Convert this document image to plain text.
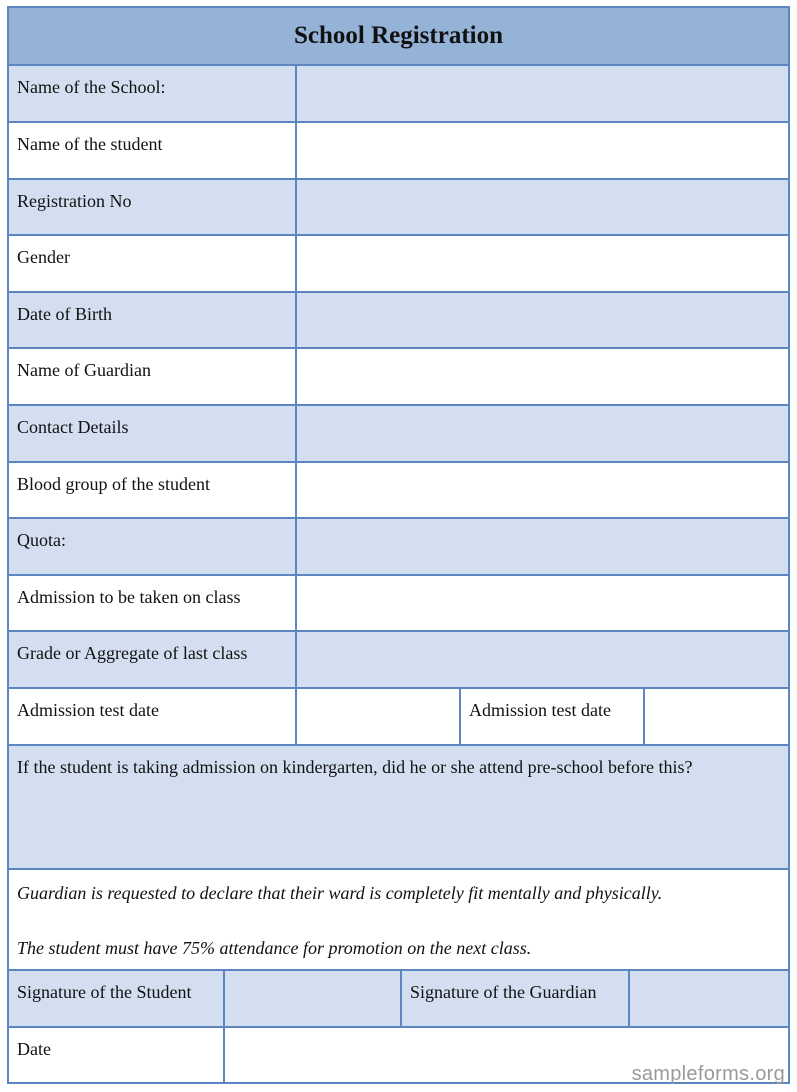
School Registration
Name of the School:
Name of the student
Registration No
Gender
Date of Birth
Name of Guardian
Contact Details
Blood group of the student
Quota:
Admission to be taken on class
Grade or Aggregate of last class
Admission test date	Admission test date
If the student is taking admission on kindergarten, did he or she attend pre-school before this?
Guardian is requested to declare that their ward is completely fit mentally and physically.
The student must have 75% attendance for promotion on the next class.
Signature of the Student	Signature of the Guardian
Date
sampleforms.org
